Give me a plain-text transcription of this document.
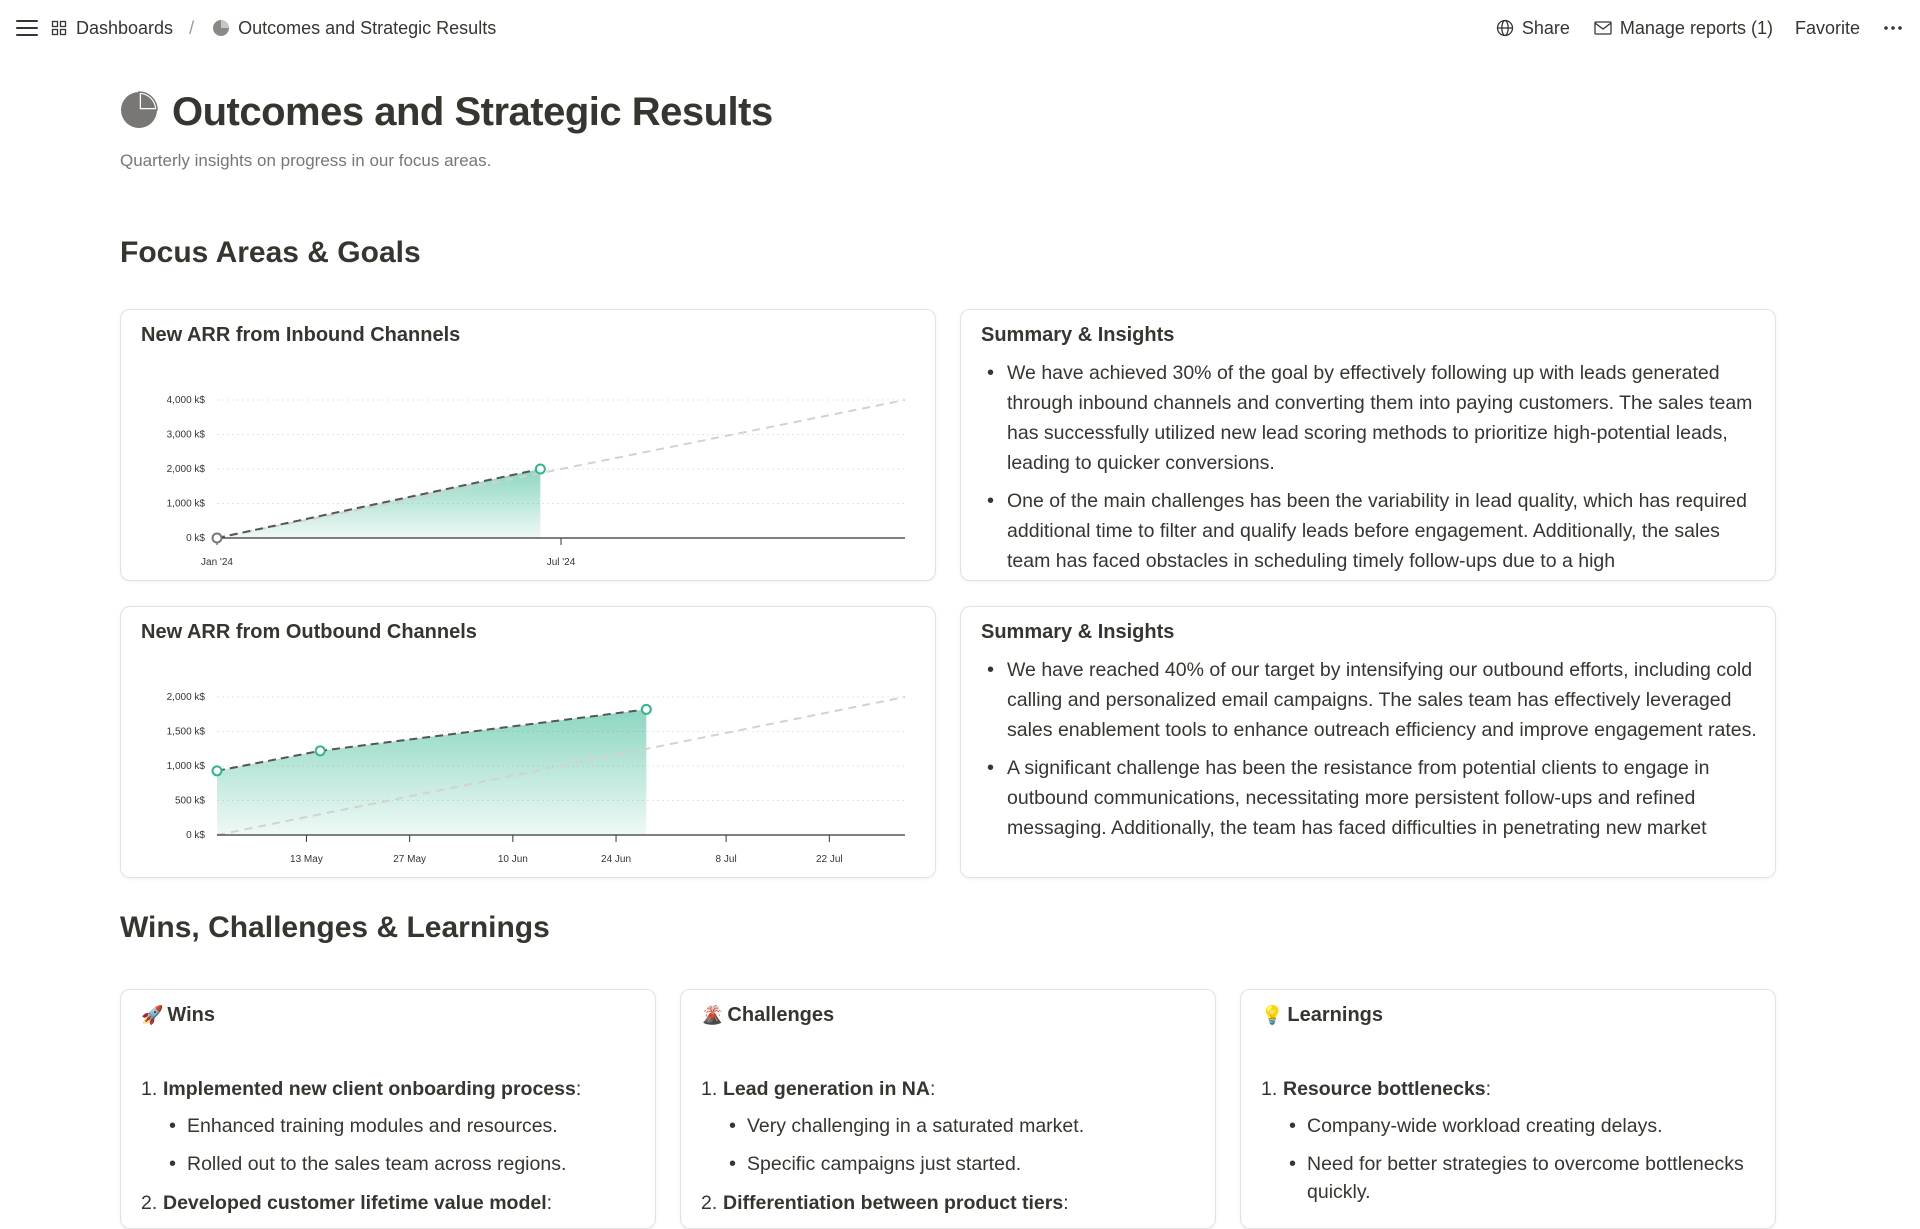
Dashboards / Outcomes and Strategic Results	Share	Manage reports (1) Favorite
Outcomes and Strategic Results
Quarterly insights on progress in our focus areas.
Focus Areas & Goals
New ARR from Inbound Channels
0 k$
1,000 k$
2,000 k$
3,000 k$
4,000 k$
Jan '24	Jul '24
Summary & Insights
• We have achieved 30% of the goal by effectively following up with leads generated through inbound channels and converting them into paying customers. The sales team has successfully utilized new lead scoring methods to prioritize high-potential leads, leading to quicker conversions.
• One of the main challenges has been the variability in lead quality, which has required additional time to filter and qualify leads before engagement. Additionally, the sales team has faced obstacles in scheduling timely follow-ups due to a high
New ARR from Outbound Channels
0 k$
500 k$
1,000 k$
1,500 k$
2,000 k$
13 May	27 May	10 Jun	24 Jun	8 Jul	22 Jul
Summary & Insights
• We have reached 40% of our target by intensifying our outbound efforts, including cold calling and personalized email campaigns. The sales team has effectively leveraged sales enablement tools to enhance outreach efficiency and improve engagement rates.
• A significant challenge has been the resistance from potential clients to engage in outbound communications, necessitating more persistent follow-ups and refined messaging. Additionally, the team has faced difficulties in penetrating new market
Wins, Challenges & Learnings
🚀 Wins
1. Implemented new client onboarding process:
• Enhanced training modules and resources.
• Rolled out to the sales team across regions.
2. Developed customer lifetime value model:
🌋 Challenges
1. Lead generation in NA:
• Very challenging in a saturated market.
• Specific campaigns just started.
2. Differentiation between product tiers:
💡 Learnings
1. Resource bottlenecks:
• Company-wide workload creating delays.
• Need for better strategies to overcome bottlenecks quickly.
